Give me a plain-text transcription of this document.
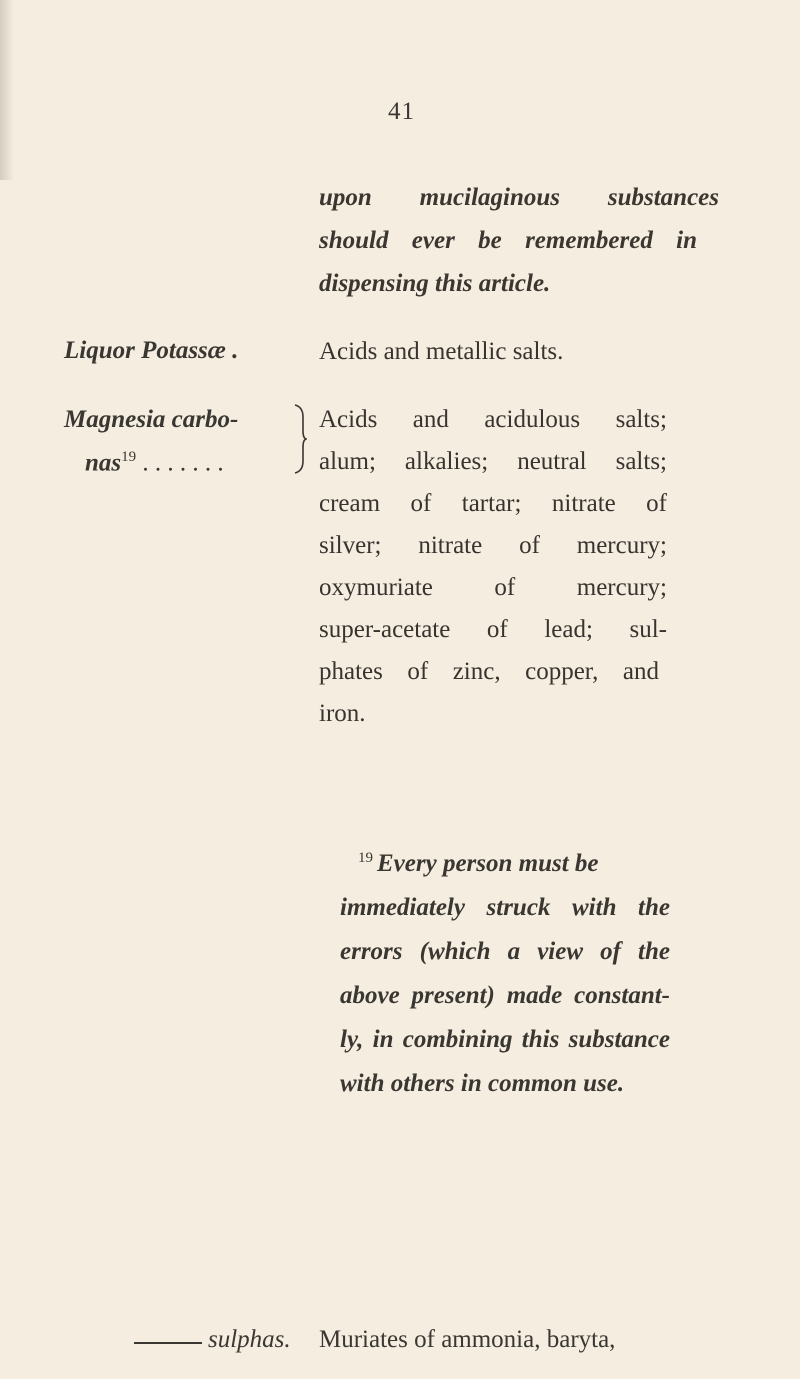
41
upon mucilaginous substances
should ever be remembered in
dispensing this article.
Liquor Potassæ .	Acids and metallic salts.
Magnesia carbo-
nas$^{19}$ . . . . . . .
Acids and acidulous salts;
alum; alkalies; neutral salts;
cream of tartar; nitrate of
silver; nitrate of mercury;
oxymuriate of mercury;
super-acetate of lead; sul-
phates of zinc, copper, and
iron.
$^{19}$ Every person must be
immediately struck with the
errors (which a view of the
above present) made constant-
ly, in combining this substance
with others in common use.
sulphas. Muriates of ammonia, baryta,
